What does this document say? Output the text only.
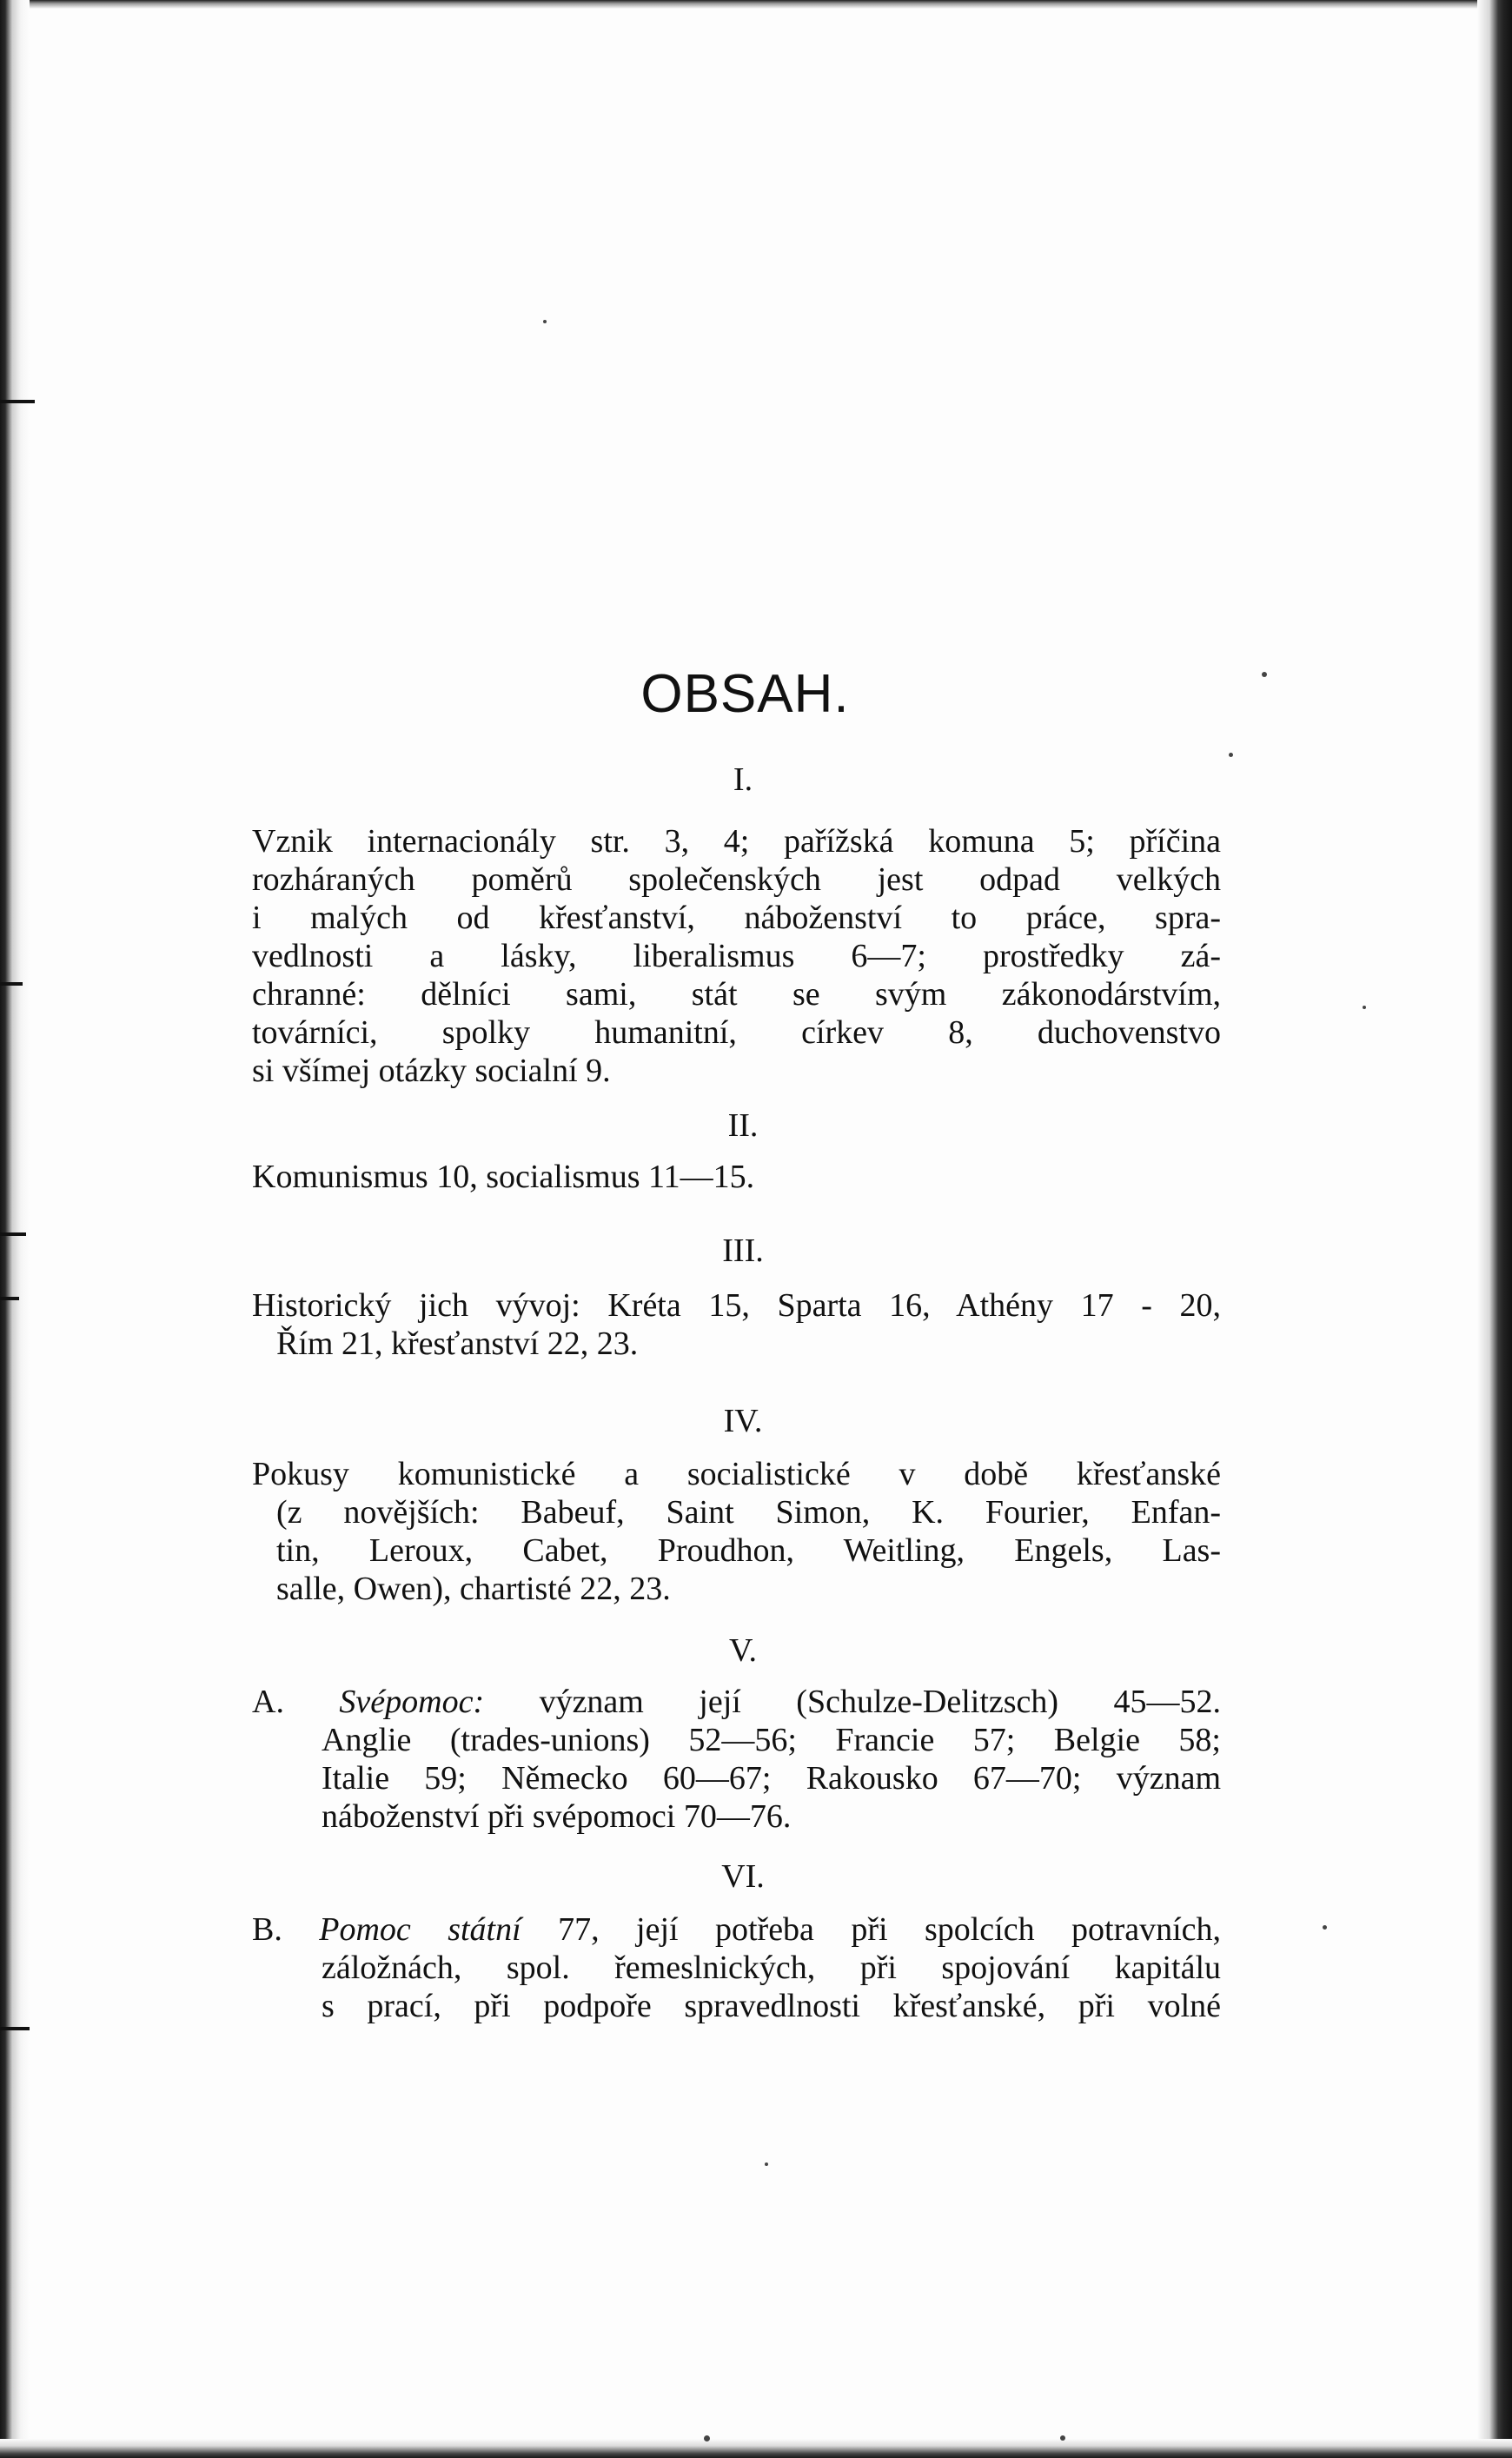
OBSAH.
I.
Vznik internacionály str. 3, 4; pařížská komuna 5; příčina
rozháraných poměrů společenských jest odpad velkých
i malých od křesťanství, náboženství to práce, spra-
vedlnosti a lásky, liberalismus 6—7; prostředky zá-
chranné: dělníci sami, stát se svým zákonodárstvím,
továrníci, spolky humanitní, církev 8, duchovenstvo
si všímej otázky socialní 9.
II.
Komunismus 10, socialismus 11—15.
III.
Historický jich vývoj: Kréta 15, Sparta 16, Athény 17 - 20,
Řím 21, křesťanství 22, 23.
IV.
Pokusy komunistické a socialistické v době křesťanské
(z novějších: Babeuf, Saint Simon, K. Fourier, Enfan-
tin, Leroux, Cabet, Proudhon, Weitling, Engels, Las-
salle, Owen), chartisté 22, 23.
V.
A. Svépomoc: význam její (Schulze-Delitzsch) 45—52.
Anglie (trades-unions) 52—56; Francie 57; Belgie 58;
Italie 59; Německo 60—67; Rakousko 67—70; význam
náboženství při svépomoci 70—76.
VI.
B. Pomoc státní 77, její potřeba při spolcích potravních,
záložnách, spol. řemeslnických, při spojování kapitálu
s prací, při podpoře spravedlnosti křesťanské, při volné
